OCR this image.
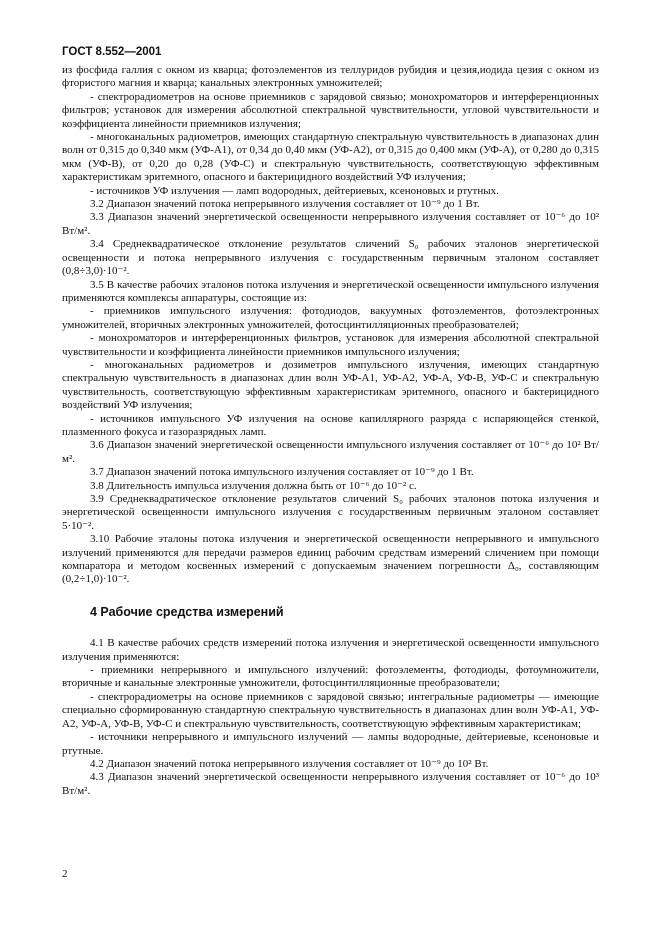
ГОСТ 8.552—2001

из фосфида галлия с окном из кварца; фотоэлементов из теллуридов рубидия и цезия,иодида цезия с окном из фтористого магния и кварца; канальных электронных умножителей;

- спектрорадиометров на основе приемников с зарядовой связью; монохроматоров и интерференционных фильтров; установок для измерения абсолютной спектральной чувствительности, угловой чувствительности и коэффициента линейности приемников излучения;

- многоканальных радиометров, имеющих стандартную спектральную чувствительность в диапазонах длин волн от 0,315 до 0,340 мкм (УФ-А1), от 0,34 до 0,40 мкм (УФ-А2), от 0,315 до 0,400 мкм (УФ-А), от 0,280 до 0,315 мкм (УФ-В), от 0,20 до 0,28 (УФ-С) и спектральную чувствительность, соответствующую эффективным характеристикам эритемного, опасного и бактерицидного воздействий УФ излучения;

- источников УФ излучения — ламп водородных, дейтериевых, ксеноновых и ртутных.

3.2 Диапазон значений потока непрерывного излучения составляет от 10⁻⁹ до 1 Вт.

3.3 Диапазон значений энергетической освещенности непрерывного излучения составляет от 10⁻⁶ до 10² Вт/м².

3.4 Среднеквадратическое отклонение результатов сличений S₀ рабочих эталонов энергетической освещенности и потока непрерывного излучения с государственным первичным эталоном составляет (0,8÷3,0)·10⁻².

3.5 В качестве рабочих эталонов потока излучения и энергетической освещенности импульсного излучения применяются комплексы аппаратуры, состоящие из:

- приемников импульсного излучения: фотодиодов, вакуумных фотоэлементов, фотоэлектронных умножителей, вторичных электронных умножителей, фотосцинтилляционных преобразователей;

- монохроматоров и интерференционных фильтров, установок для измерения абсолютной спектральной чувствительности и коэффициента линейности приемников импульсного излучения;

- многоканальных радиометров и дозиметров импульсного излучения, имеющих стандартную спектральную чувствительность в диапазонах длин волн УФ-А1, УФ-А2, УФ-А, УФ-В, УФ-С и спектральную чувствительность, соответствующую эффективным характеристикам эритемного, опасного и бактерицидного воздействий УФ излучения;

- источников импульсного УФ излучения на основе капиллярного разряда с испаряющейся стенкой, плазменного фокуса и газоразрядных ламп.

3.6 Диапазон значений энергетической освещенности импульсного излучения составляет от 10⁻⁶ до 10² Вт/м².

3.7 Диапазон значений потока импульсного излучения составляет от 10⁻⁹ до 1 Вт.

3.8 Длительность импульса излучения должна быть от 10⁻⁶ до 10⁻² с.

3.9 Среднеквадратическое отклонение результатов сличений S₀ рабочих эталонов потока излучения и энергетической освещенности импульсного излучения с государственным первичным эталоном составляет 5·10⁻².

3.10 Рабочие эталоны потока излучения и энергетической освещенности непрерывного и импульсного излучений применяются для передачи размеров единиц рабочим средствам измерений сличением при помощи компаратора и методом косвенных измерений с допускаемым значением погрешности Δ₀, составляющим (0,2÷1,0)·10⁻².

4 Рабочие средства измерений

4.1 В качестве рабочих средств измерений потока излучения и энергетической освещенности импульсного излучения применяются:

- приемники непрерывного и импульсного излучений: фотоэлементы, фотодиоды, фотоумножители, вторичные и канальные электронные умножители, фотосцинтилляционные преобразователи;

- спектрорадиометры на основе приемников с зарядовой связью; интегральные радиометры — имеющие специально сформированную стандартную спектральную чувствительность в диапазонах длин волн УФ-А1, УФ-А2, УФ-А, УФ-В, УФ-С и спектральную чувствительность, соответствующую эффективным характеристикам;

- источники непрерывного и импульсного излучений — лампы водородные, дейтериевые, ксеноновые и ртутные.

4.2 Диапазон значений потока непрерывного излучения составляет от 10⁻⁹ до 10² Вт.

4.3 Диапазон значений энергетической освещенности непрерывного излучения составляет от 10⁻⁶ до 10³ Вт/м².

2
